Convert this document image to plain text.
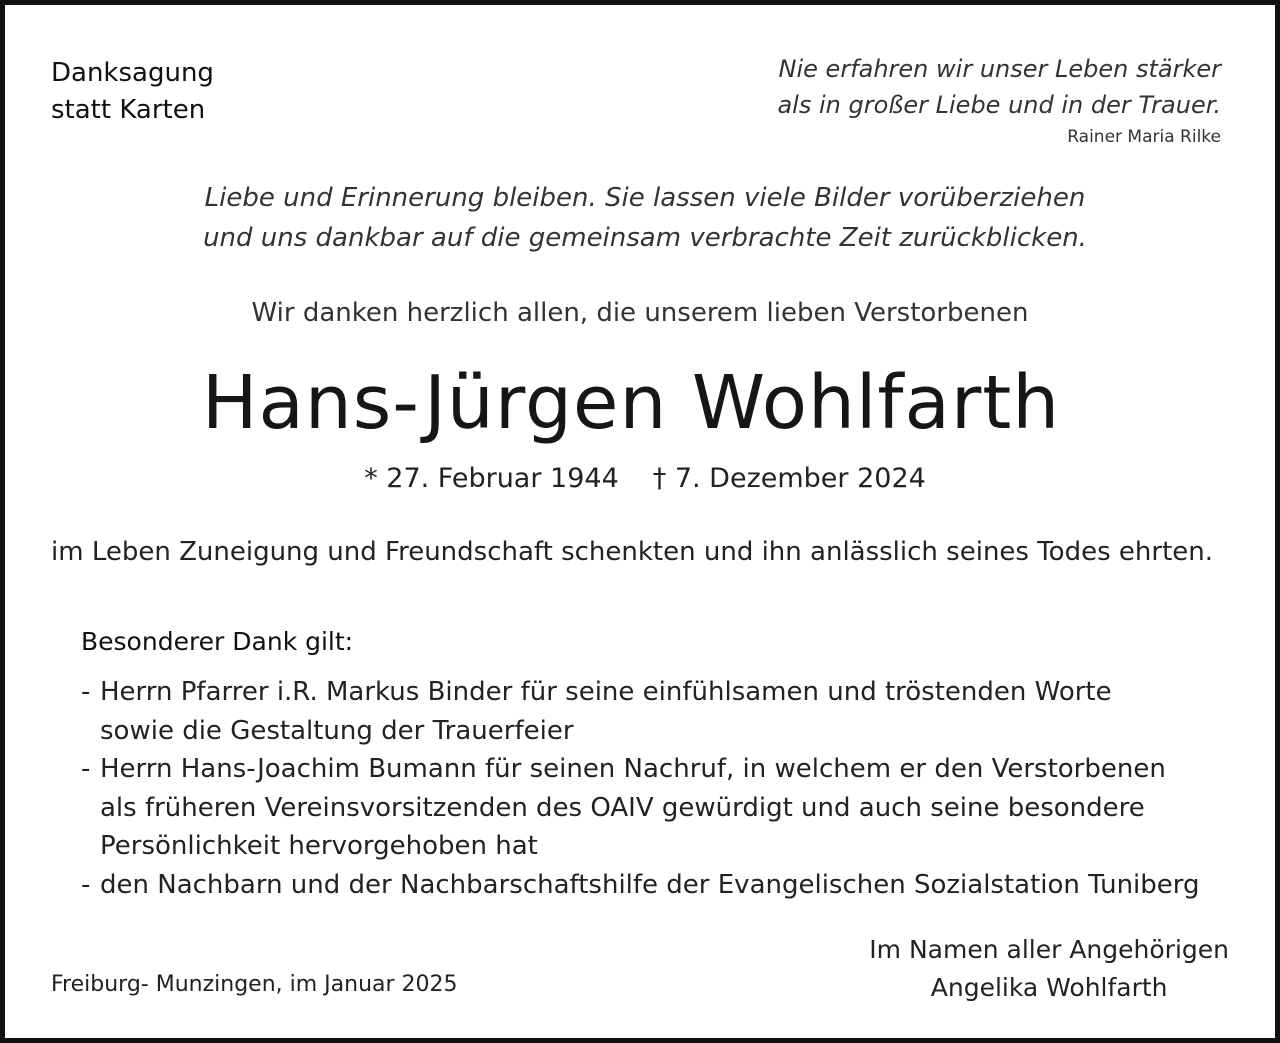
Danksagung
statt Karten
Nie erfahren wir unser Leben stärker
als in großer Liebe und in der Trauer.
Rainer Maria Rilke
Liebe und Erinnerung bleiben. Sie lassen viele Bilder vorüberziehen
und uns dankbar auf die gemeinsam verbrachte Zeit zurückblicken.
Wir danken herzlich allen, die unserem lieben Verstorbenen
Hans-Jürgen Wohlfarth
* 27. Februar 1944 † 7. Dezember 2024
im Leben Zuneigung und Freundschaft schenkten und ihn anlässlich seines Todes ehrten.
Besonderer Dank gilt:
- Herrn Pfarrer i.R. Markus Binder für seine einfühlsamen und tröstenden Worte
sowie die Gestaltung der Trauerfeier
- Herrn Hans-Joachim Bumann für seinen Nachruf, in welchem er den Verstorbenen
als früheren Vereinsvorsitzenden des OAIV gewürdigt und auch seine besondere
Persönlichkeit hervorgehoben hat
- den Nachbarn und der Nachbarschaftshilfe der Evangelischen Sozialstation Tuniberg
Im Namen aller Angehörigen
Angelika Wohlfarth
Freiburg- Munzingen, im Januar 2025
